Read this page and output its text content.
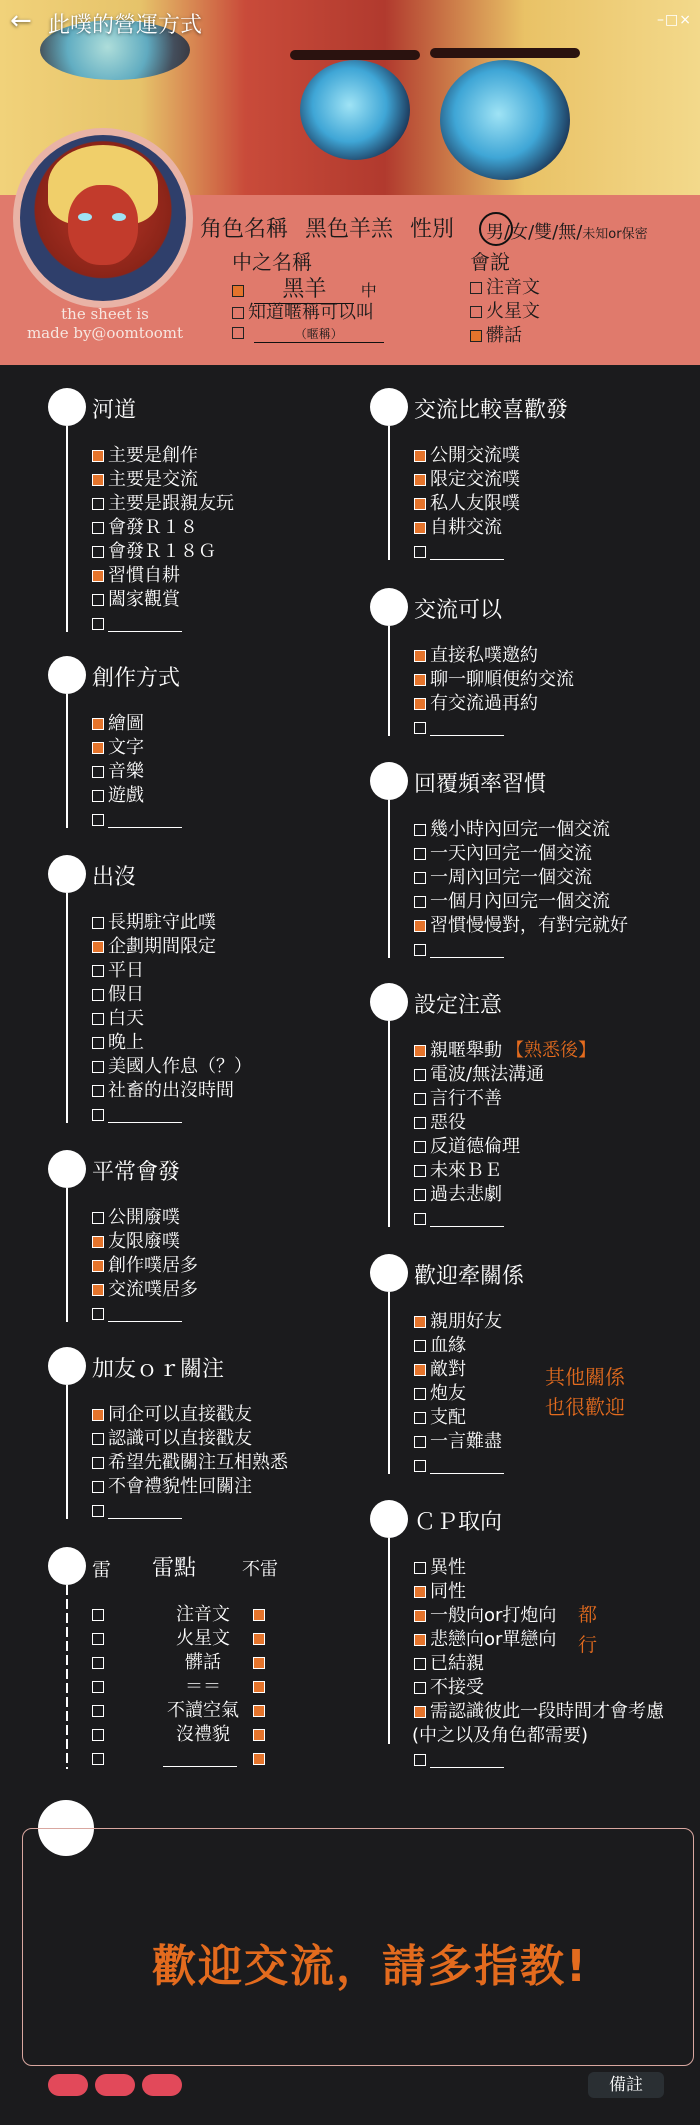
← 此噗的營運方式	–□×
the sheet is
made by@oomtoomt
角色名稱 黑色羊羔 性別 男/女/雙/無/未知or保密
中之名稱
黑羊 中
知道暱稱可以叫
（暱稱）
會說
注音文
火星文
髒話
河道
主要是創作
主要是交流
主要是跟親友玩
會發Ｒ１８
會發Ｒ１８Ｇ
習慣自耕
闔家觀賞
創作方式
繪圖
文字
音樂
遊戲
出沒
長期駐守此噗
企劃期間限定
平日
假日
白天
晚上
美國人作息（？）
社畜的出沒時間
平常會發
公開廢噗
友限廢噗
創作噗居多
交流噗居多
加友ｏｒ關注
同企可以直接戳友
認識可以直接戳友
希望先戳關注互相熟悉
不會禮貌性回關注
交流比較喜歡發
公開交流噗
限定交流噗
私人友限噗
自耕交流
交流可以
直接私噗邀約
聊一聊順便約交流
有交流過再約
回覆頻率習慣
幾小時內回完一個交流
一天內回完一個交流
一周內回完一個交流
一個月內回完一個交流
習慣慢慢對，有對完就好
設定注意
親暱舉動 【熟悉後】
電波/無法溝通
言行不善
惡役
反道德倫理
未來ＢＥ
過去悲劇
歡迎牽關係
親朋好友
血緣
敵對
炮友
支配
一言難盡
其他關係
也很歡迎
ＣＰ取向
異性
同性
一般向or打炮向
悲戀向or單戀向
已結親
不接受
需認識彼此一段時間才會考慮
(中之以及角色都需要)
都
行
雷 雷點	不雷
注音文
火星文
髒話
＝＝
不讀空氣
沒禮貌
歡迎交流，請多指教!
備註
